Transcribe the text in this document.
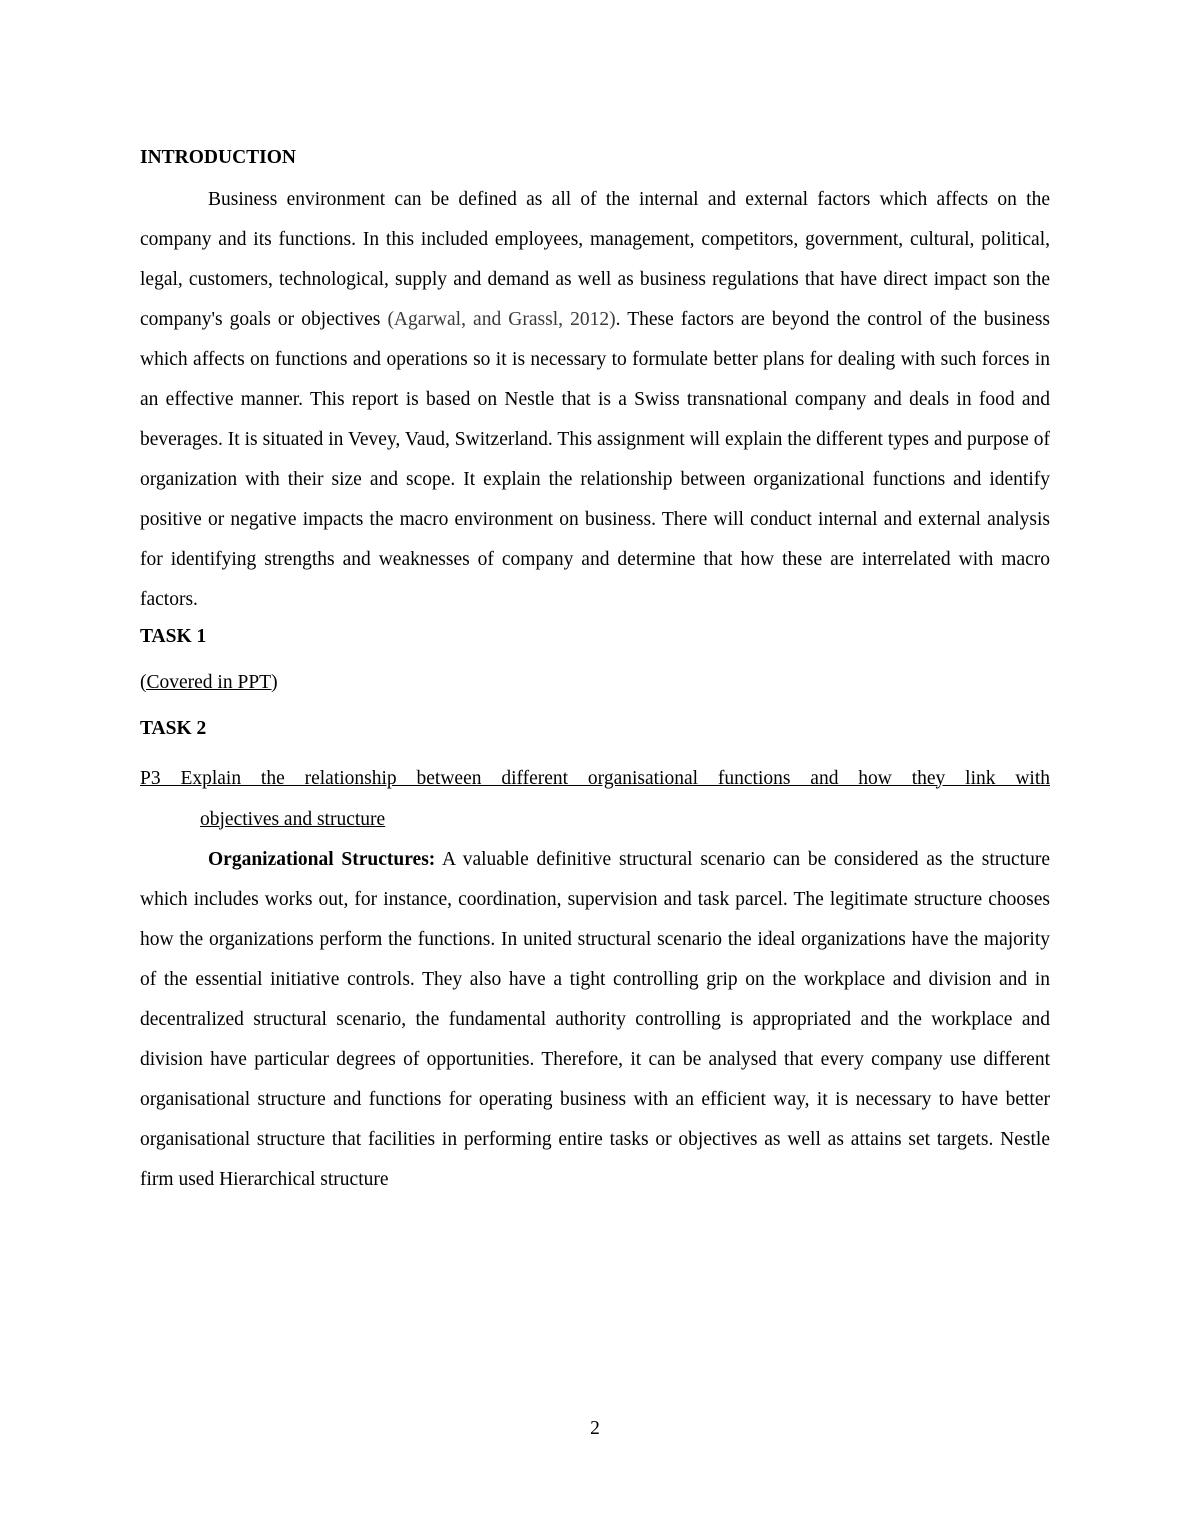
INTRODUCTION

Business environment can be defined as all of the internal and external factors which affects on the company and its functions. In this included employees, management, competitors, government, cultural, political, legal, customers, technological, supply and demand as well as business regulations that have direct impact son the company's goals or objectives (Agarwal, and Grassl, 2012). These factors are beyond the control of the business which affects on functions and operations so it is necessary to formulate better plans for dealing with such forces in an effective manner. This report is based on Nestle that is a Swiss transnational company and deals in food and beverages. It is situated in Vevey, Vaud, Switzerland. This assignment will explain the different types and purpose of organization with their size and scope. It explain the relationship between organizational functions and identify positive or negative impacts the macro environment on business. There will conduct internal and external analysis for identifying strengths and weaknesses of company and determine that how these are interrelated with macro factors.

TASK 1

(Covered in PPT)

TASK 2

P3 Explain the relationship between different organisational functions and how they link with
objectives and structure

Organizational Structures: A valuable definitive structural scenario can be considered as the structure which includes works out, for instance, coordination, supervision and task parcel. The legitimate structure chooses how the organizations perform the functions. In united structural scenario the ideal organizations have the majority of the essential initiative controls. They also have a tight controlling grip on the workplace and division and in decentralized structural scenario, the fundamental authority controlling is appropriated and the workplace and division have particular degrees of opportunities. Therefore, it can be analysed that every company use different organisational structure and functions for operating business with an efficient way, it is necessary to have better organisational structure that facilities in performing entire tasks or objectives as well as attains set targets. Nestle firm used Hierarchical structure

2
